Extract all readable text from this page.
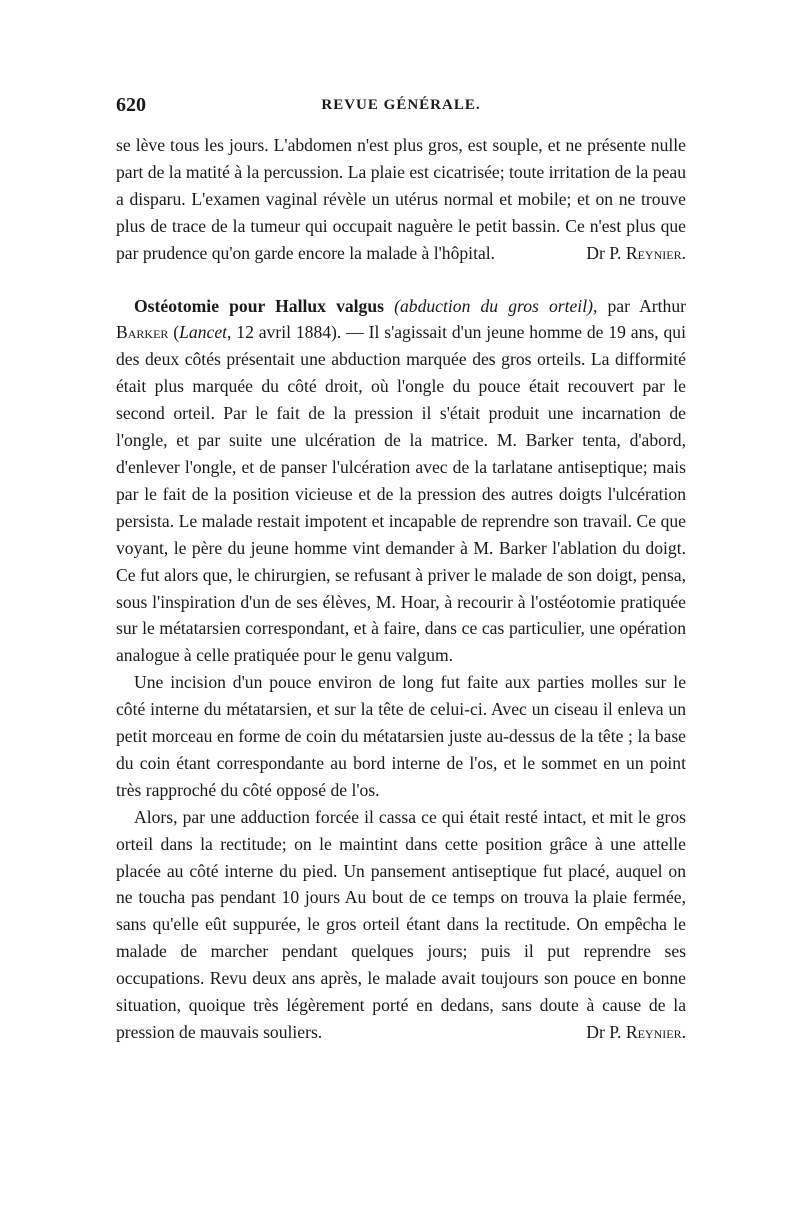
620	REVUE GÉNÉRALE.

se lève tous les jours. L'abdomen n'est plus gros, est souple, et ne présente nulle part de la matité à la percussion. La plaie est cicatrisée; toute irritation de la peau a disparu. L'examen vaginal révèle un utérus normal et mobile; et on ne trouve plus de trace de la tumeur qui occupait naguère le petit bassin. Ce n'est plus que par prudence qu'on garde encore la malade à l'hôpital.	Dr P. Reynier.

Ostéotomie pour Hallux valgus (abduction du gros orteil), par Arthur Barker (Lancet, 12 avril 1884). — Il s'agissait d'un jeune homme de 19 ans, qui des deux côtés présentait une abduction marquée des gros orteils. La difformité était plus marquée du côté droit, où l'ongle du pouce était recouvert par le second orteil. Par le fait de la pression il s'était produit une incarnation de l'ongle, et par suite une ulcération de la matrice. M. Barker tenta, d'abord, d'enlever l'ongle, et de panser l'ulcération avec de la tarlatane antiseptique; mais par le fait de la position vicieuse et de la pression des autres doigts l'ulcération persista. Le malade restait impotent et incapable de reprendre son travail. Ce que voyant, le père du jeune homme vint demander à M. Barker l'ablation du doigt. Ce fut alors que, le chirurgien, se refusant à priver le malade de son doigt, pensa, sous l'inspiration d'un de ses élèves, M. Hoar, à recourir à l'ostéotomie pratiquée sur le métatarsien correspondant, et à faire, dans ce cas particulier, une opération analogue à celle pratiquée pour le genu valgum.

Une incision d'un pouce environ de long fut faite aux parties molles sur le côté interne du métatarsien, et sur la tête de celui-ci. Avec un ciseau il enleva un petit morceau en forme de coin du métatarsien juste au-dessus de la tête ; la base du coin étant correspondante au bord interne de l'os, et le sommet en un point très rapproché du côté opposé de l'os.

Alors, par une adduction forcée il cassa ce qui était resté intact, et mit le gros orteil dans la rectitude; on le maintint dans cette position grâce à une attelle placée au côté interne du pied. Un pansement antiseptique fut placé, auquel on ne toucha pas pendant 10 jours Au bout de ce temps on trouva la plaie fermée, sans qu'elle eût suppurée, le gros orteil étant dans la rectitude. On empêcha le malade de marcher pendant quelques jours; puis il put reprendre ses occupations. Revu deux ans après, le malade avait toujours son pouce en bonne situation, quoique très légèrement porté en dedans, sans doute à cause de la pression de mauvais souliers.	Dr P. Reynier.
